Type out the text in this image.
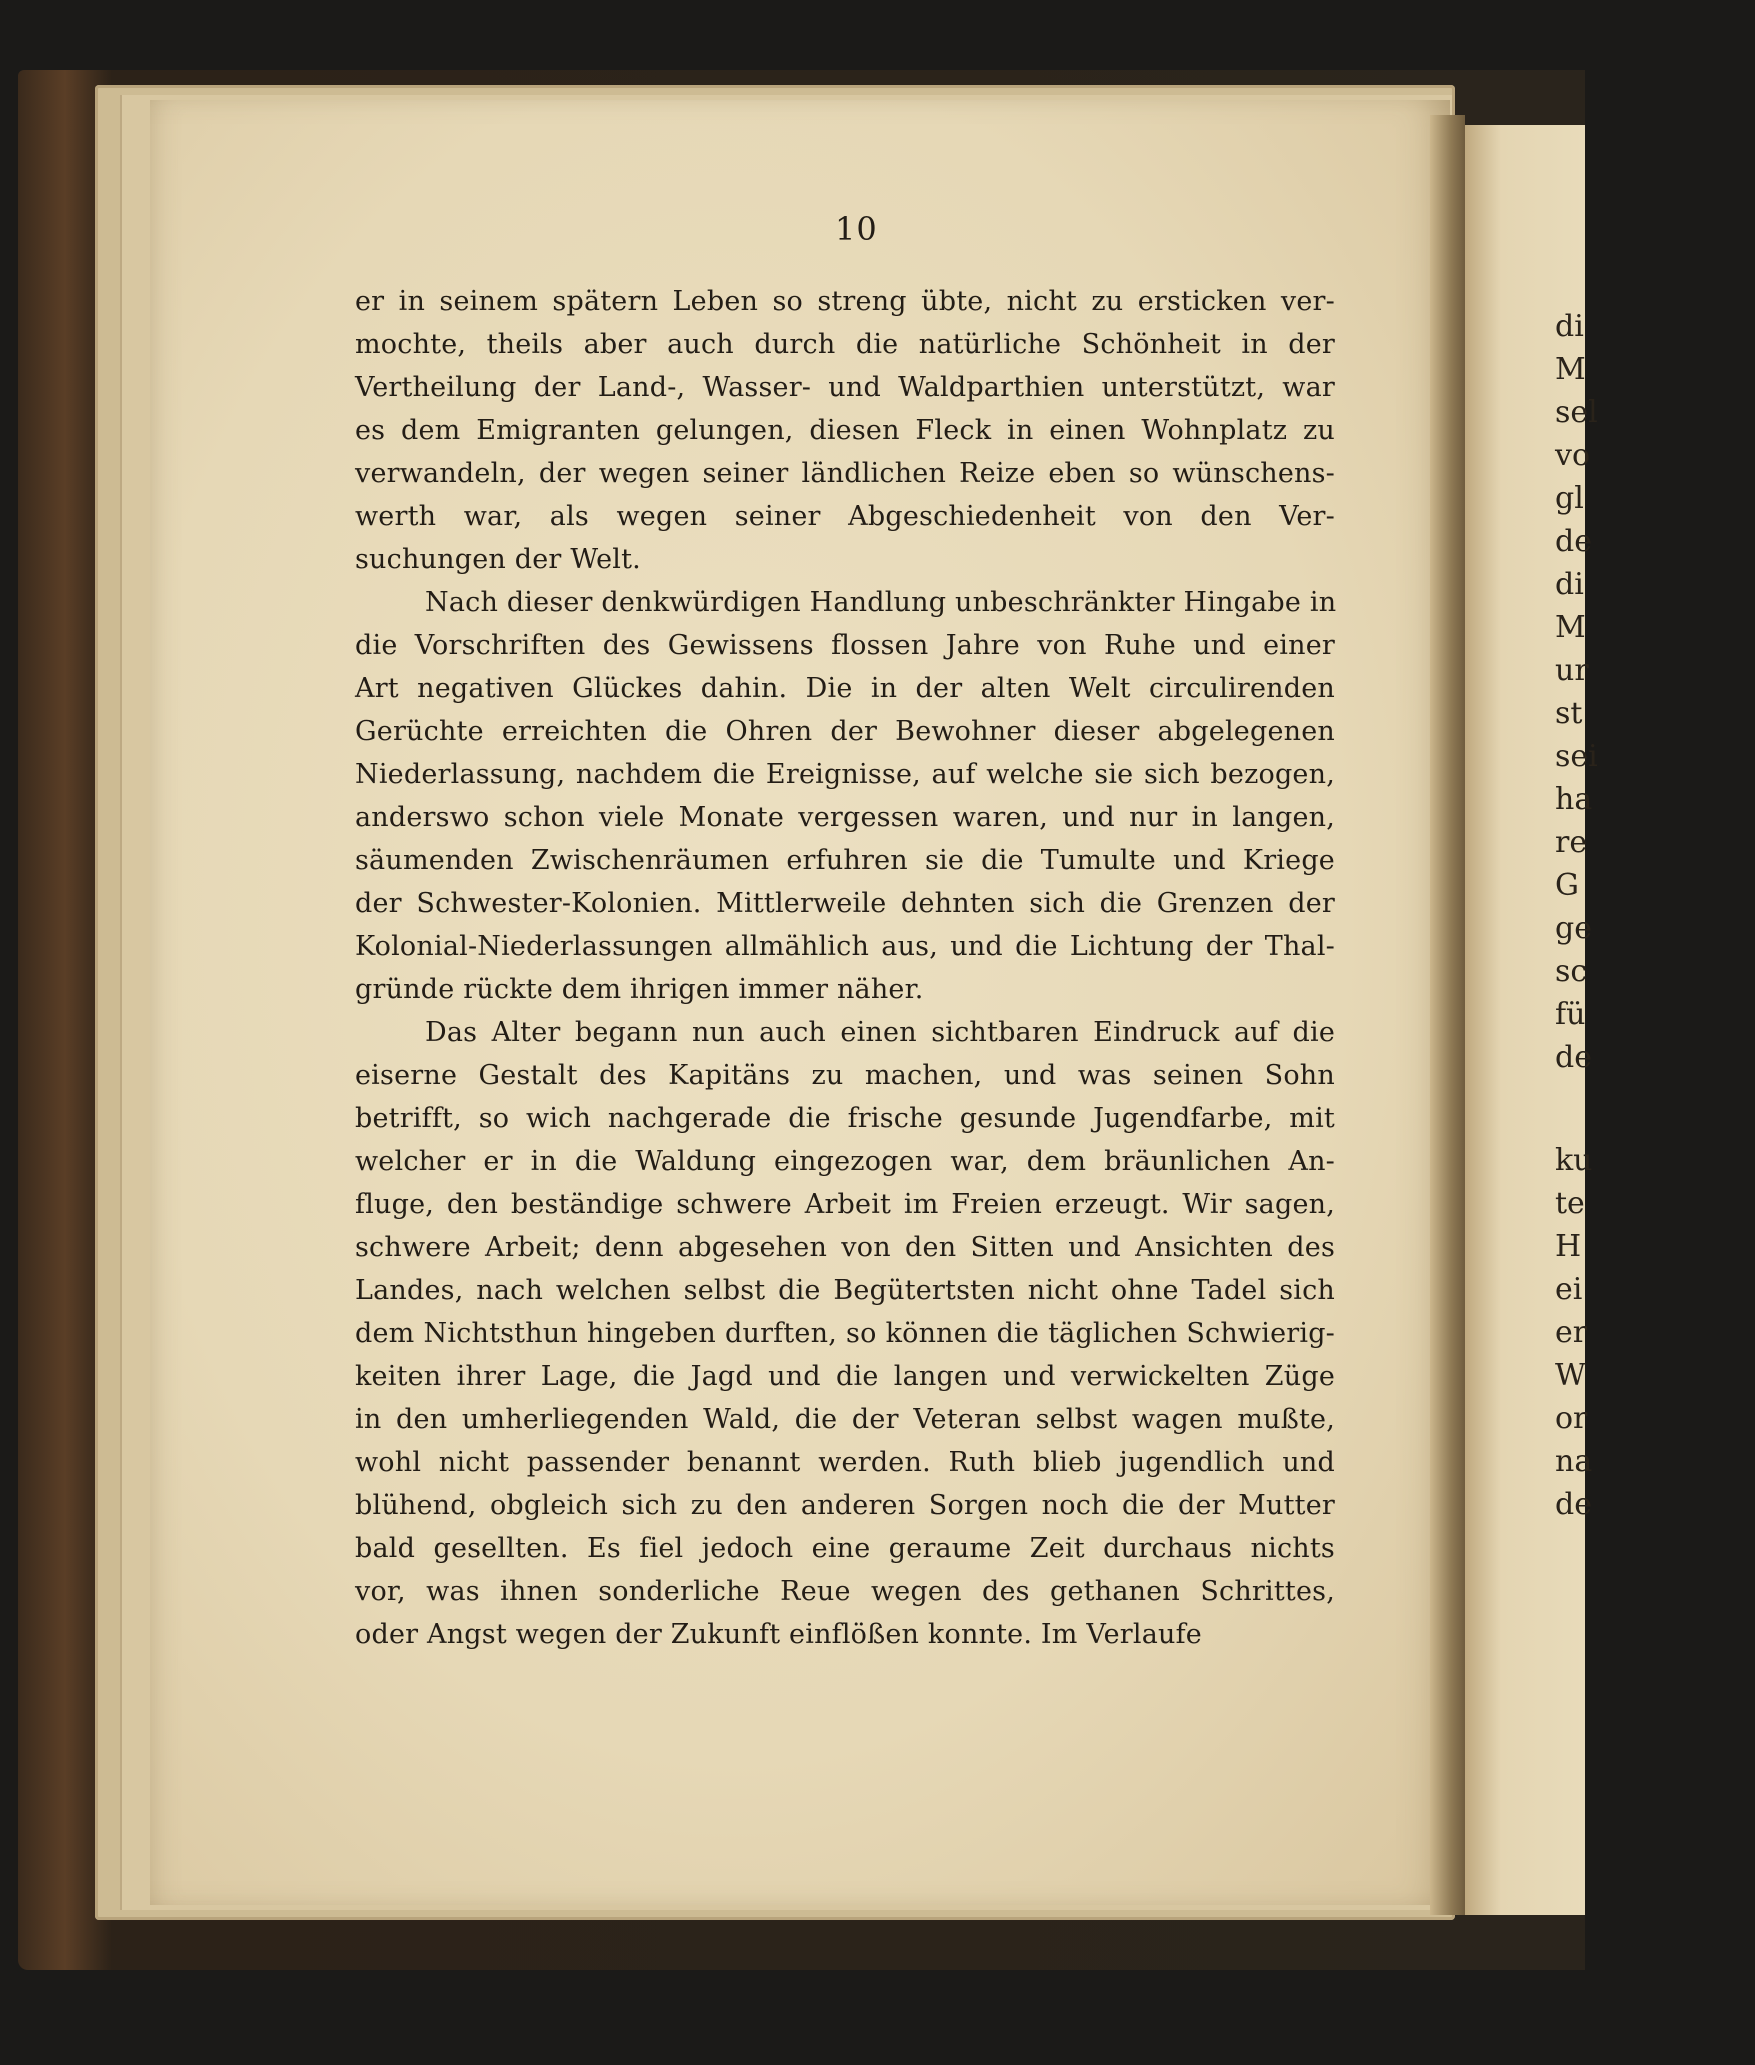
di
M
sel
vo
gl
de
di
M
ur
st
sei
ha
re
G
ge
sc
fü
de
ku
te
H
ei
er
W
or
na
de
10
er in seinem spätern Leben so streng übte, nicht zu ersticken ver-
mochte, theils aber auch durch die natürliche Schönheit in der
Vertheilung der Land-, Wasser- und Waldparthien unterstützt, war
es dem Emigranten gelungen, diesen Fleck in einen Wohnplatz zu
verwandeln, der wegen seiner ländlichen Reize eben so wünschens-
werth war, als wegen seiner Abgeschiedenheit von den Ver-
suchungen der Welt.
Nach dieser denkwürdigen Handlung unbeschränkter Hingabe in
die Vorschriften des Gewissens flossen Jahre von Ruhe und einer
Art negativen Glückes dahin. Die in der alten Welt circulirenden
Gerüchte erreichten die Ohren der Bewohner dieser abgelegenen
Niederlassung, nachdem die Ereignisse, auf welche sie sich bezogen,
anderswo schon viele Monate vergessen waren, und nur in langen,
säumenden Zwischenräumen erfuhren sie die Tumulte und Kriege
der Schwester-Kolonien. Mittlerweile dehnten sich die Grenzen der
Kolonial-Niederlassungen allmählich aus, und die Lichtung der Thal-
gründe rückte dem ihrigen immer näher.
Das Alter begann nun auch einen sichtbaren Eindruck auf die
eiserne Gestalt des Kapitäns zu machen, und was seinen Sohn
betrifft, so wich nachgerade die frische gesunde Jugendfarbe, mit
welcher er in die Waldung eingezogen war, dem bräunlichen An-
fluge, den beständige schwere Arbeit im Freien erzeugt. Wir sagen,
schwere Arbeit; denn abgesehen von den Sitten und Ansichten des
Landes, nach welchen selbst die Begütertsten nicht ohne Tadel sich
dem Nichtsthun hingeben durften, so können die täglichen Schwierig-
keiten ihrer Lage, die Jagd und die langen und verwickelten Züge
in den umherliegenden Wald, die der Veteran selbst wagen mußte,
wohl nicht passender benannt werden. Ruth blieb jugendlich und
blühend, obgleich sich zu den anderen Sorgen noch die der Mutter
bald gesellten. Es fiel jedoch eine geraume Zeit durchaus nichts
vor, was ihnen sonderliche Reue wegen des gethanen Schrittes,
oder Angst wegen der Zukunft einflößen konnte. Im Verlaufe
